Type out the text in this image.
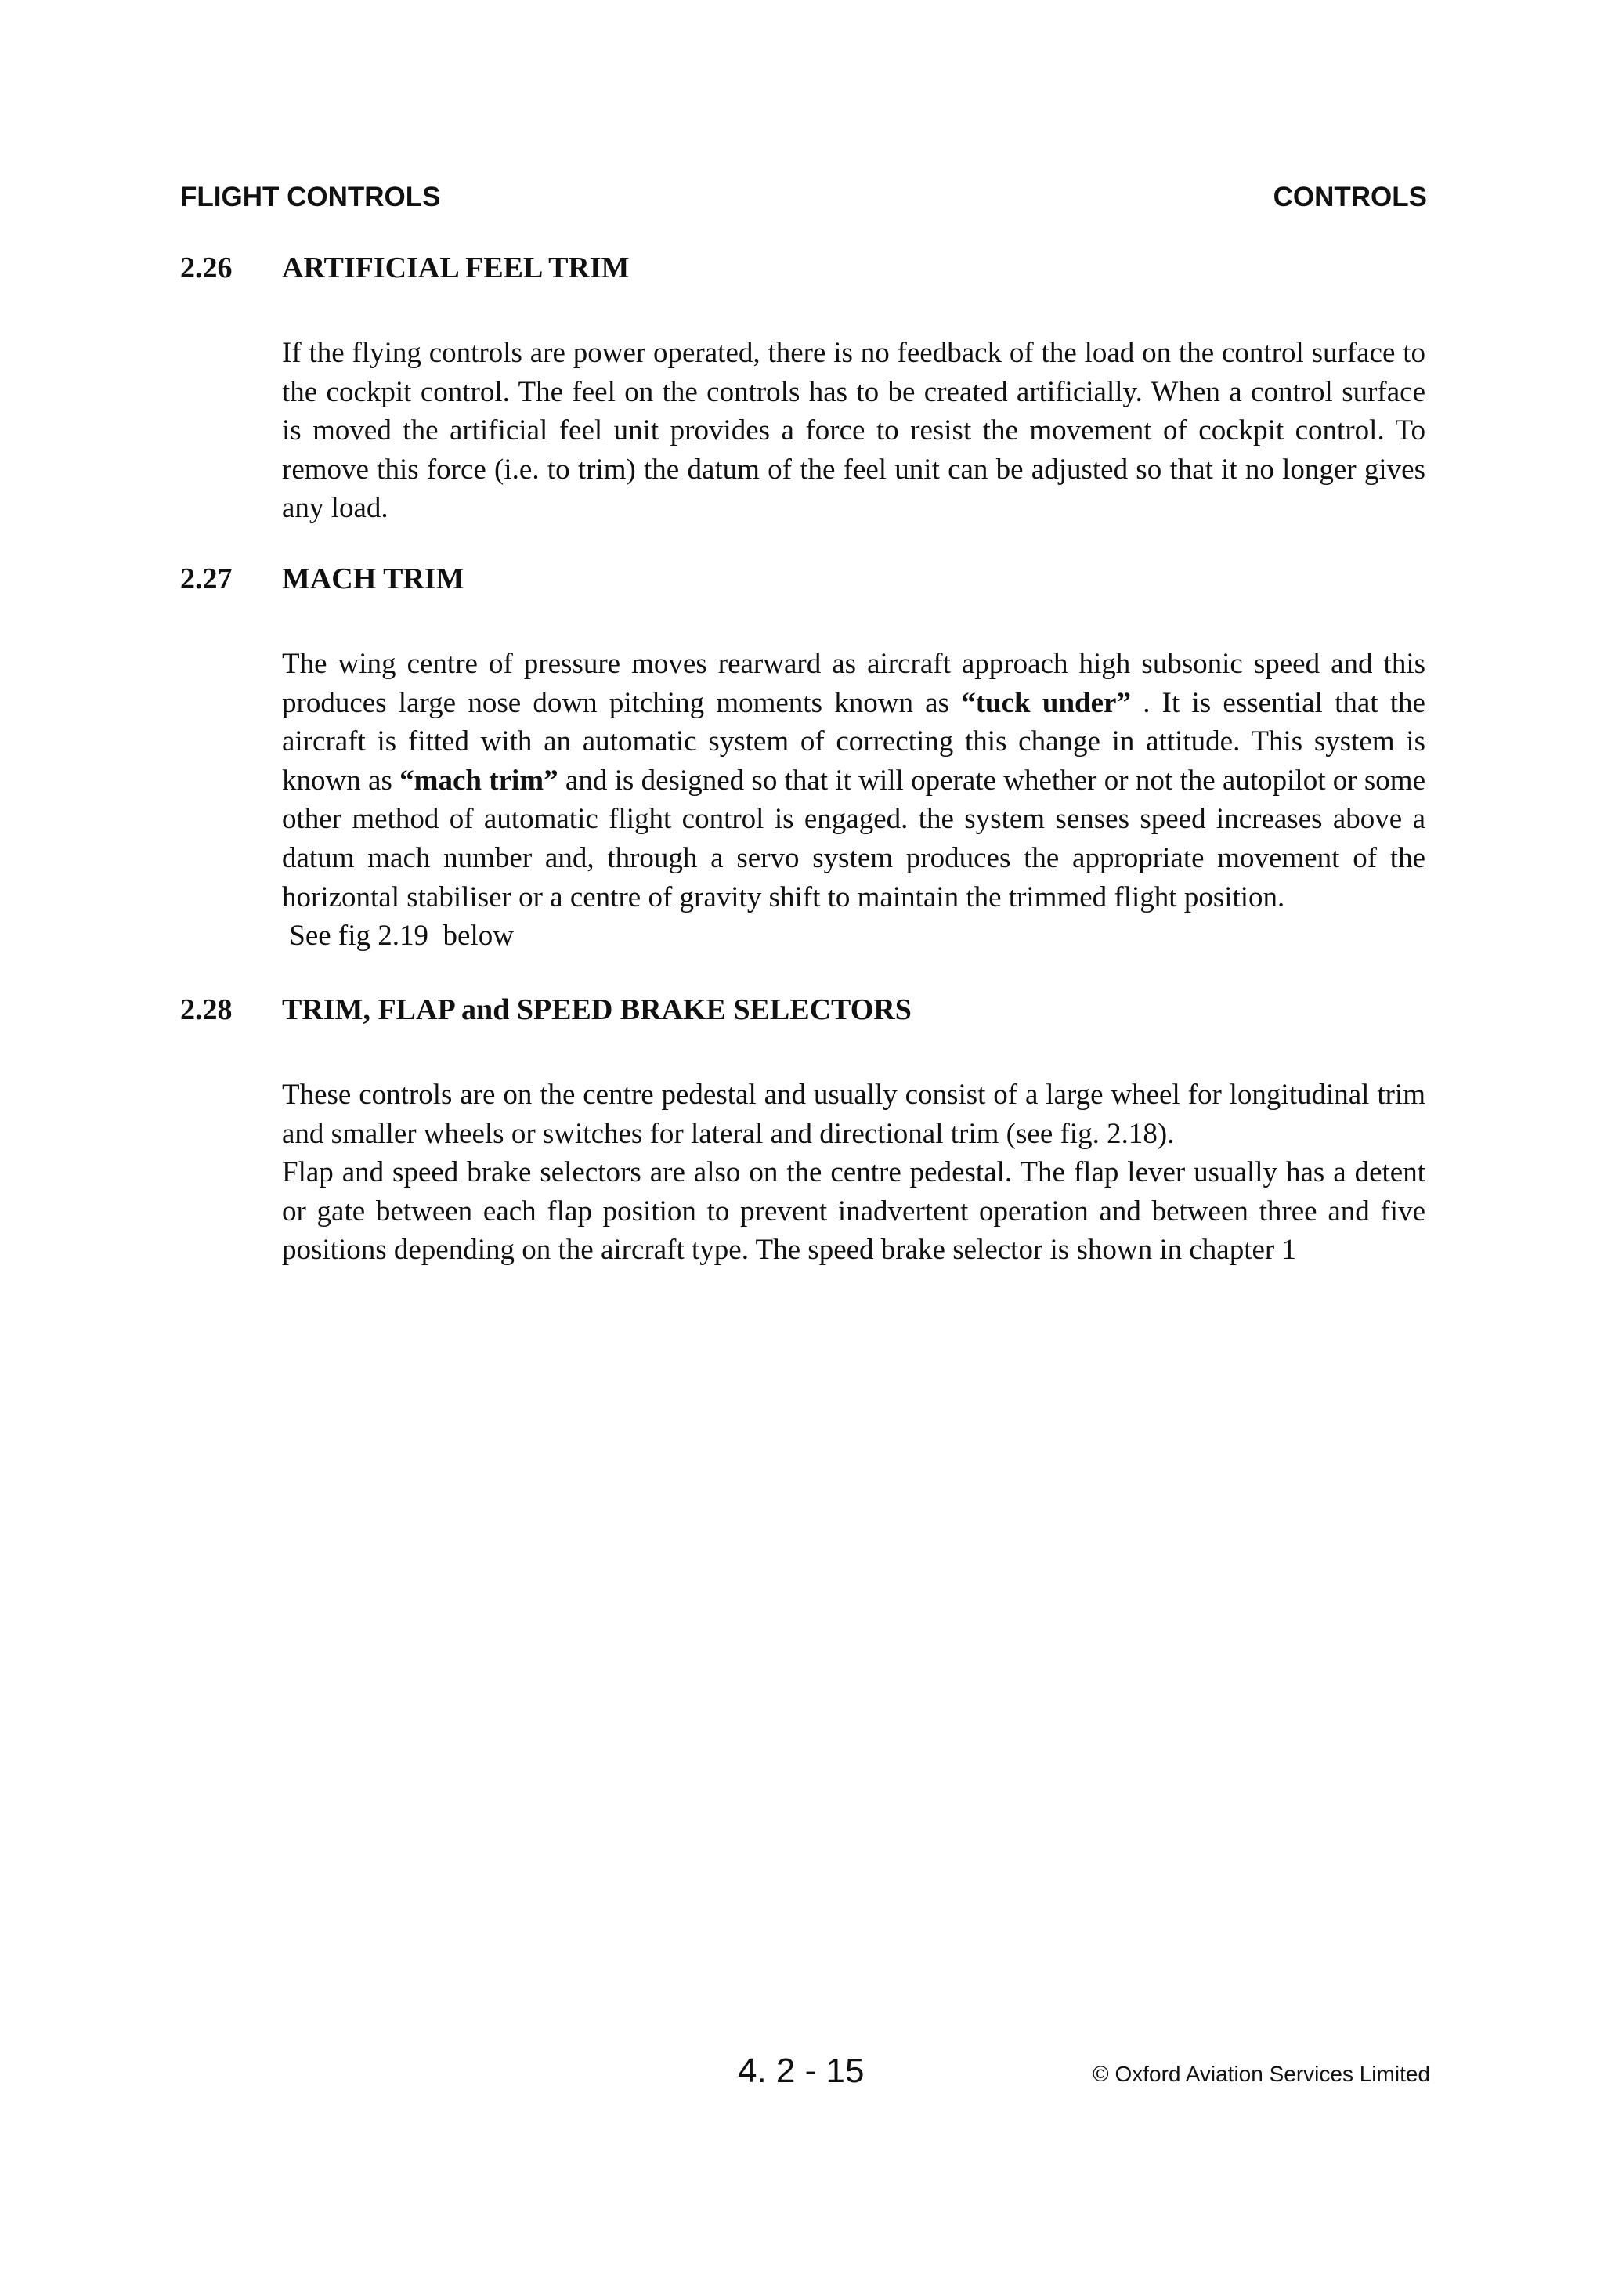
FLIGHT CONTROLS	CONTROLS
2.26 ARTIFICIAL FEEL TRIM

If the flying controls are power operated, there is no feedback of the load on the control surface to the cockpit control. The feel on the controls has to be created artificially. When a control surface is moved the artificial feel unit provides a force to resist the movement of cockpit control. To remove this force (i.e. to trim) the datum of the feel unit can be adjusted so that it no longer gives any load.

2.27 MACH TRIM

The wing centre of pressure moves rearward as aircraft approach high subsonic speed and this produces large nose down pitching moments known as “tuck under” . It is essential that the aircraft is fitted with an automatic system of correcting this change in attitude. This system is known as “mach trim” and is designed so that it will operate whether or not the autopilot or some other method of automatic flight control is engaged. the system senses speed increases above a datum mach number and, through a servo system produces the appropriate movement of the horizontal stabiliser or a centre of gravity shift to maintain the trimmed flight position.

See fig 2.19  below

2.28 TRIM, FLAP and SPEED BRAKE SELECTORS

These controls are on the centre pedestal and usually consist of a large wheel for longitudinal trim and smaller wheels or switches for lateral and directional trim (see fig. 2.18).

Flap and speed brake selectors are also on the centre pedestal. The flap lever usually has a detent or gate between each flap position to prevent inadvertent operation and between three and five positions depending on the aircraft type. The speed brake selector is shown in chapter 1

4. 2 - 15	© Oxford Aviation Services Limited
